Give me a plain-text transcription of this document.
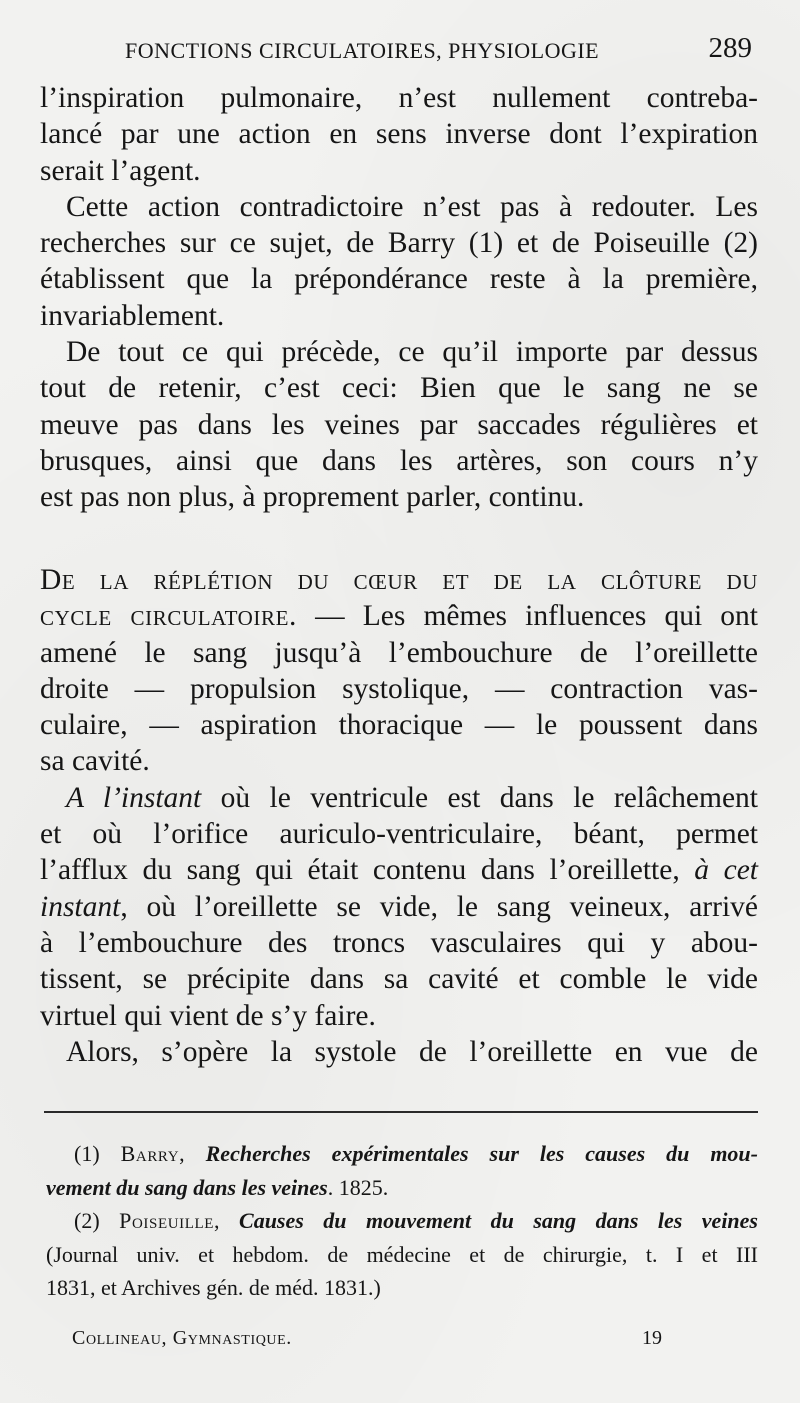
FONCTIONS CIRCULATOIRES, PHYSIOLOGIE	289

l’inspiration pulmonaire, n’est nullement contreba-

lancé par une action en sens inverse dont l’expiration

serait l’agent.

Cette action contradictoire n’est pas à redouter. Les

recherches sur ce sujet, de Barry (1) et de Poiseuille (2)

établissent que la prépondérance reste à la première,

invariablement.

De tout ce qui précède, ce qu’il importe par dessus

tout de retenir, c’est ceci: Bien que le sang ne se

meuve pas dans les veines par saccades régulières et

brusques, ainsi que dans les artères, son cours n’y

est pas non plus, à proprement parler, continu.

De la réplétion du cœur et de la clôture du

cycle circulatoire. — Les mêmes influences qui ont

amené le sang jusqu’à l’embouchure de l’oreillette

droite — propulsion systolique, — contraction vas-

culaire, — aspiration thoracique — le poussent dans

sa cavité.

A l’instant où le ventricule est dans le relâchement

et où l’orifice auriculo-ventriculaire, béant, permet

l’afflux du sang qui était contenu dans l’oreillette, à cet

instant, où l’oreillette se vide, le sang veineux, arrivé

à l’embouchure des troncs vasculaires qui y abou-

tissent, se précipite dans sa cavité et comble le vide

virtuel qui vient de s’y faire.

Alors, s’opère la systole de l’oreillette en vue de

(1) Barry, Recherches expérimentales sur les causes du mou-

vement du sang dans les veines. 1825.

(2) Poiseuille, Causes du mouvement du sang dans les veines

(Journal univ. et hebdom. de médecine et de chirurgie, t. I et III

1831, et Archives gén. de méd. 1831.)

Collineau, Gymnastique.	19
